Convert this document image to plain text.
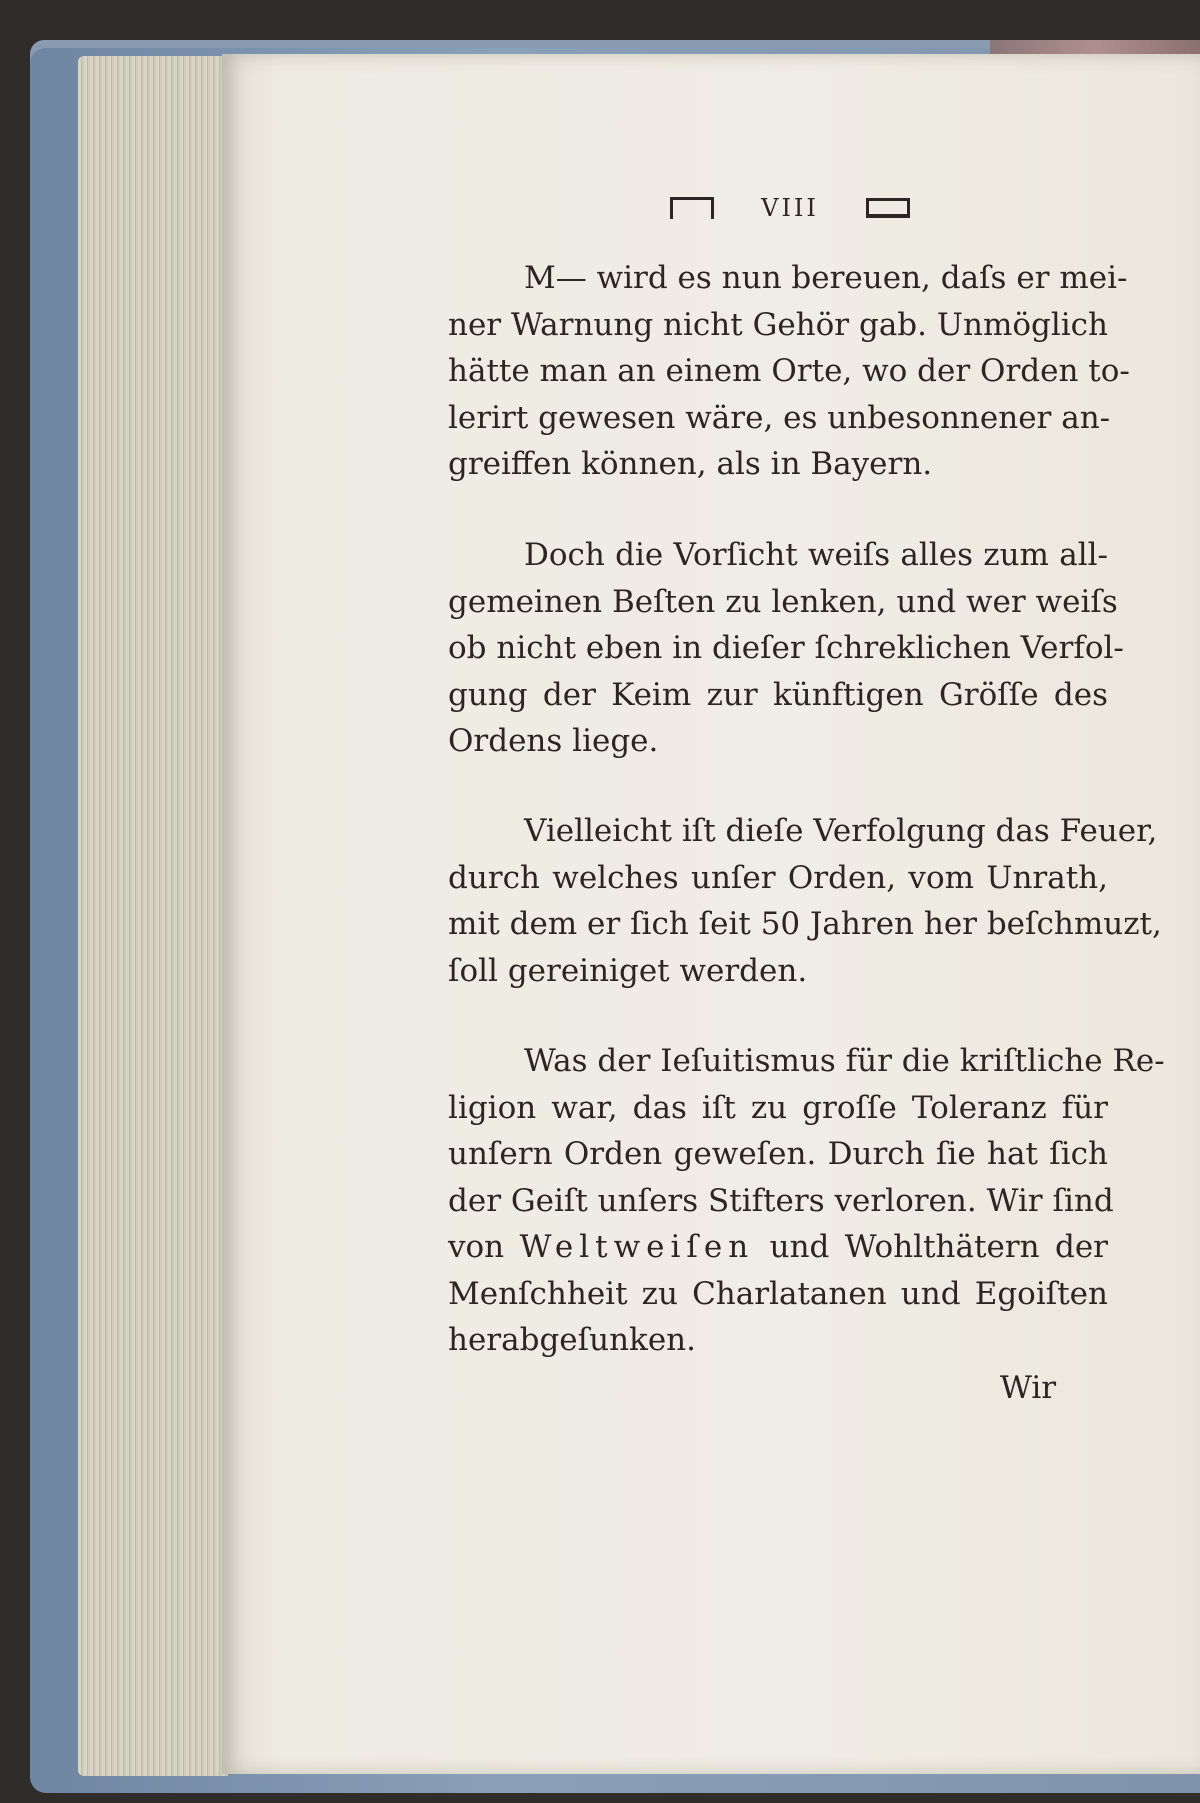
VIII
M— wird es nun bereuen, daſs er mei-
ner Warnung nicht Gehör gab. Unmöglich
hätte man an einem Orte, wo der Orden to-
lerirt gewesen wäre, es unbesonnener an-
greiffen können, als in Bayern.
Doch die Vorſicht weiſs alles zum all-
gemeinen Beſten zu lenken, und wer weiſs
ob nicht eben in dieſer ſchreklichen Verfol-
gung der Keim zur künftigen Gröſſe des
Ordens liege.
Vielleicht iſt dieſe Verfolgung das Feuer,
durch welches unſer Orden, vom Unrath,
mit dem er ſich ſeit 50 Jahren her beſchmuzt,
ſoll gereiniget werden.
Was der Ieſuitismus für die kriſtliche Re-
ligion war, das iſt zu groſſe Toleranz für
unſern Orden geweſen. Durch ſie hat ſich
der Geiſt unſers Stifters verloren. Wir ſind
von Weltweiſen und Wohlthätern der
Menſchheit zu Charlatanen und Egoiſten
herabgeſunken.
Wir
